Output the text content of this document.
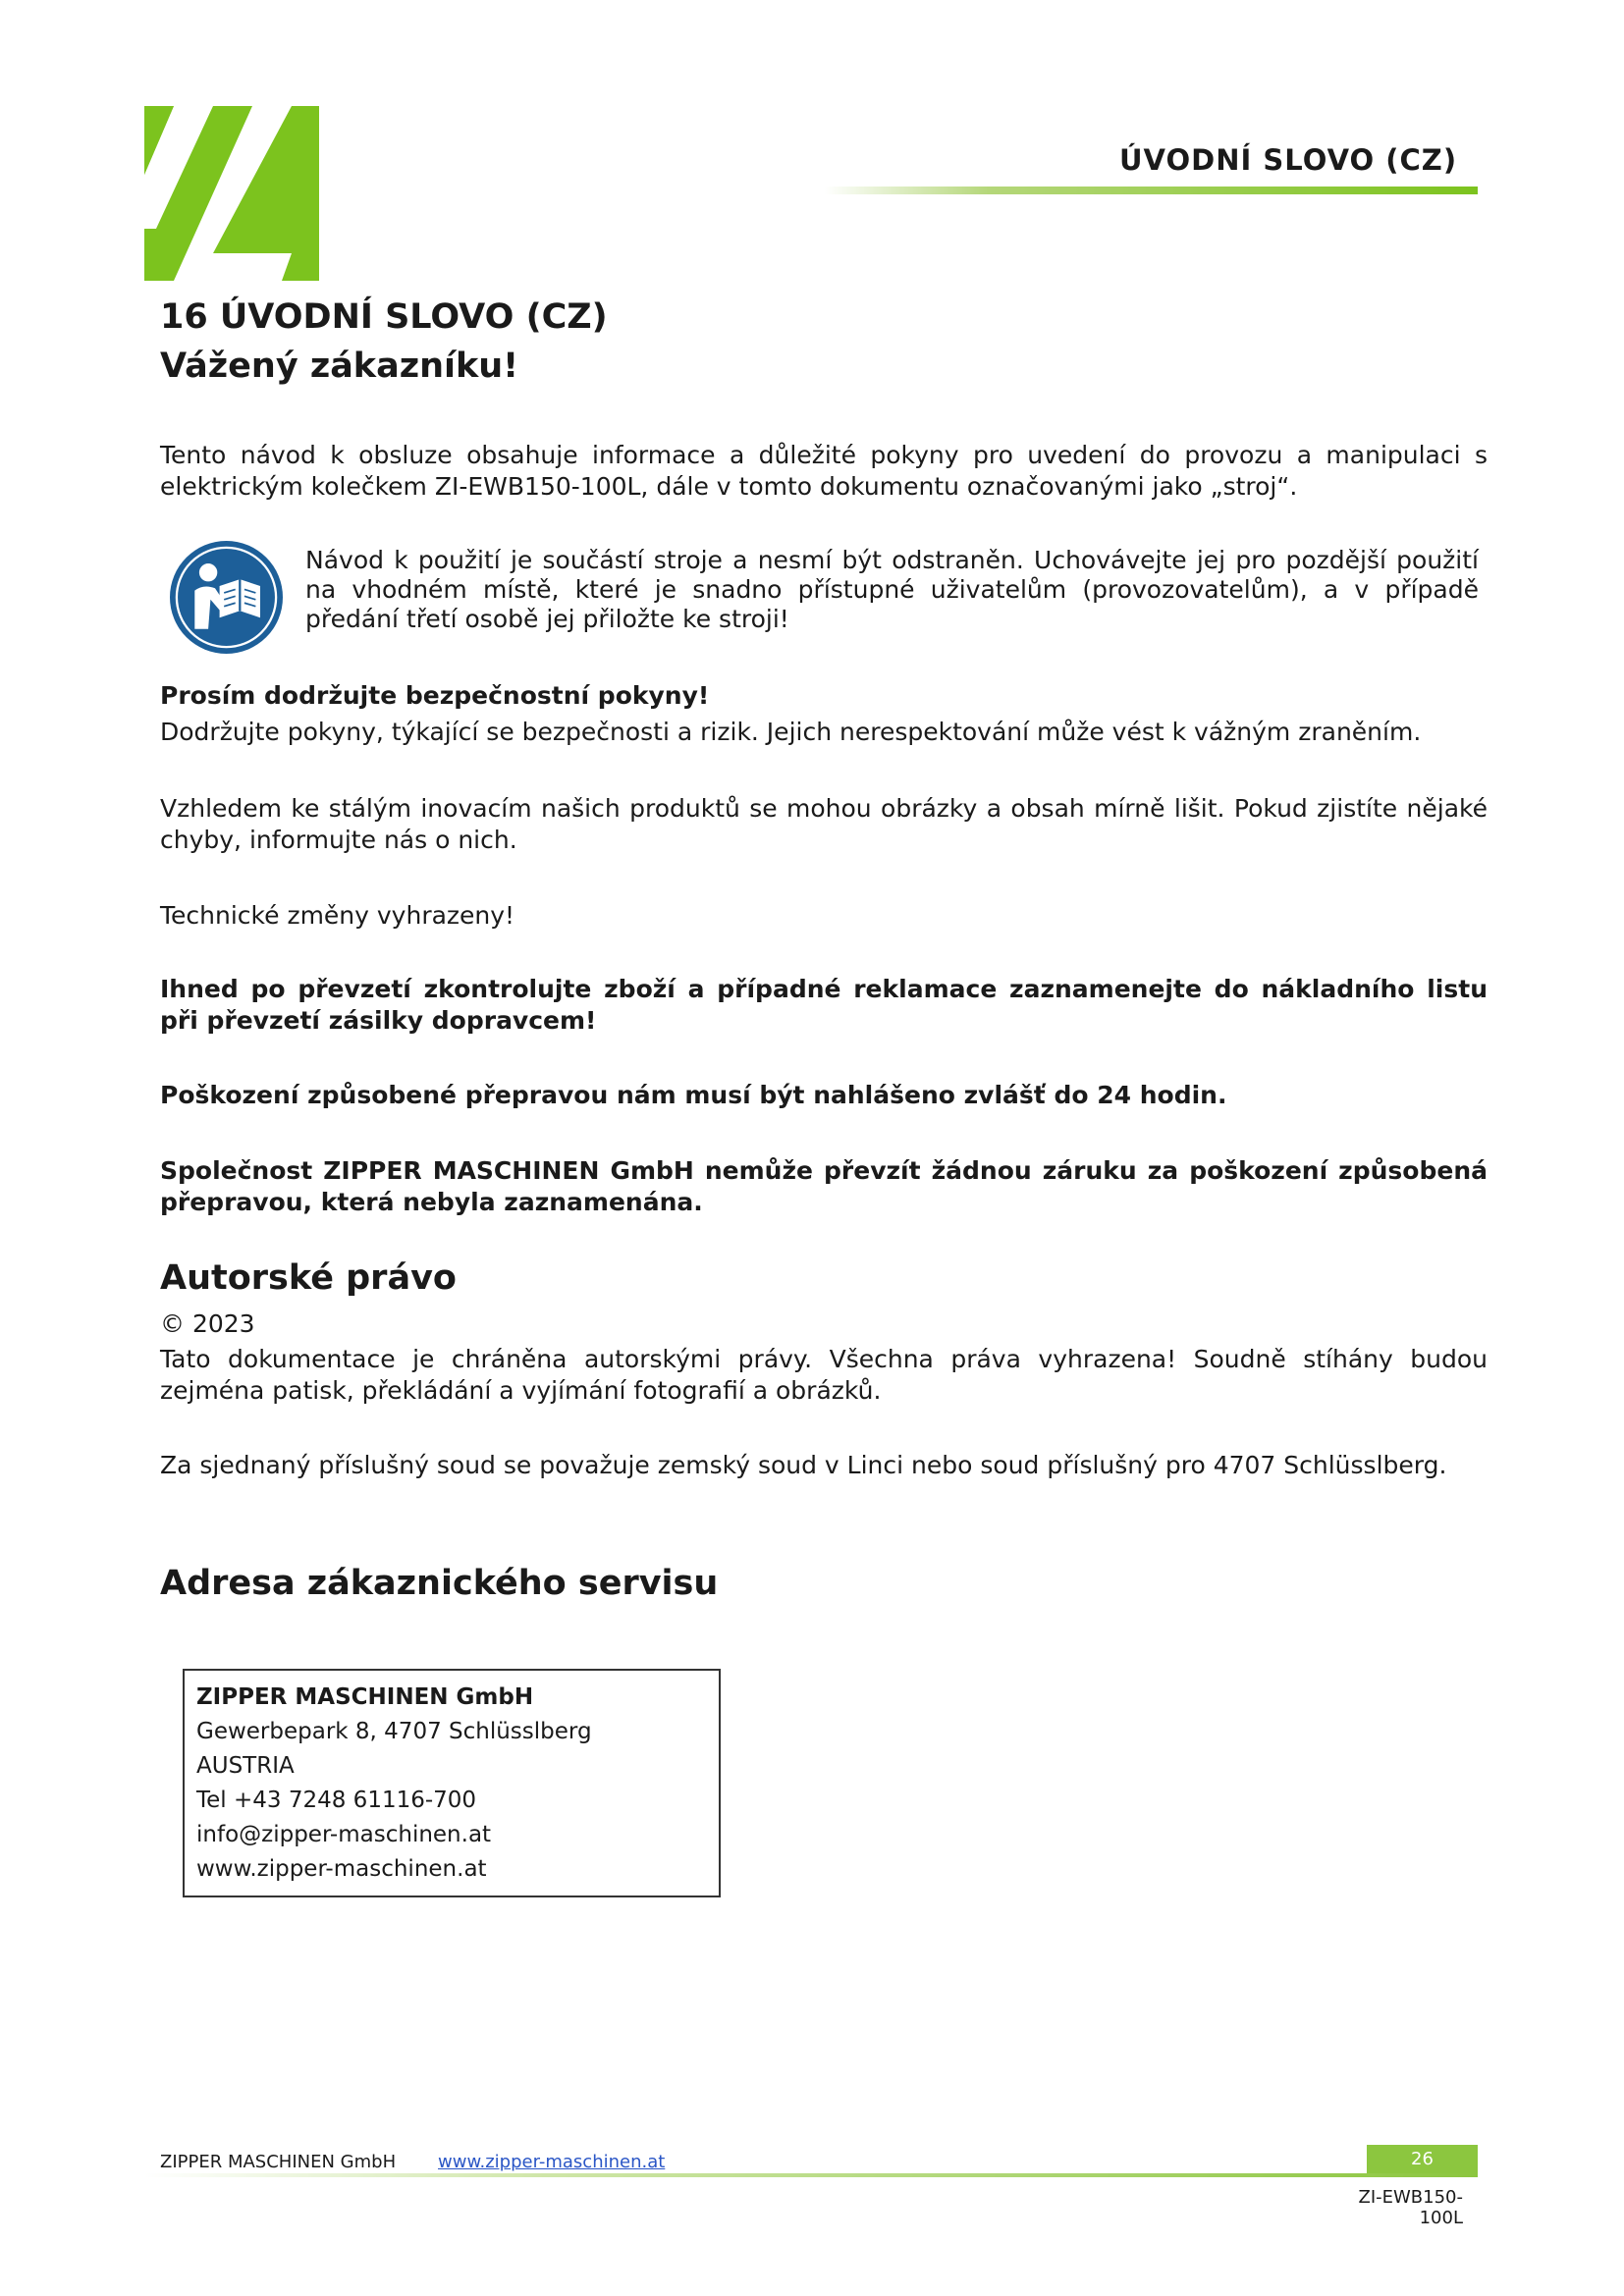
ÚVODNÍ SLOVO (CZ)
16 ÚVODNÍ SLOVO (CZ)
Vážený zákazníku!

Tento návod k obsluze obsahuje informace a důležité pokyny pro uvedení do provozu a manipulaci s elektrickým kolečkem ZI-EWB150-100L, dále v tomto dokumentu označovanými jako „stroj“.

Návod k použití je součástí stroje a nesmí být odstraněn. Uchovávejte jej pro pozdější použití na vhodném místě, které je snadno přístupné uživatelům (provozovatelům), a v případě předání třetí osobě jej přiložte ke stroji!

Prosím dodržujte bezpečnostní pokyny!

Dodržujte pokyny, týkající se bezpečnosti a rizik. Jejich nerespektování může vést k vážným zraněním.

Vzhledem ke stálým inovacím našich produktů se mohou obrázky a obsah mírně lišit. Pokud zjistíte nějaké chyby, informujte nás o nich.

Technické změny vyhrazeny!

Ihned po převzetí zkontrolujte zboží a případné reklamace zaznamenejte do nákladního listu při převzetí zásilky dopravcem!

Poškození způsobené přepravou nám musí být nahlášeno zvlášť do 24 hodin.

Společnost ZIPPER MASCHINEN GmbH nemůže převzít žádnou záruku za poškození způsobená přepravou, která nebyla zaznamenána.

Autorské právo

© 2023

Tato dokumentace je chráněna autorskými právy. Všechna práva vyhrazena! Soudně stíhány budou zejména patisk, překládání a vyjímání fotografií a obrázků.

Za sjednaný příslušný soud se považuje zemský soud v Linci nebo soud příslušný pro 4707 Schlüsslberg.

Adresa zákaznického servisu
ZIPPER MASCHINEN GmbH
Gewerbepark 8, 4707 Schlüsslberg
AUSTRIA
Tel +43 7248 61116-700
info@zipper-maschinen.at
www.zipper-maschinen.at
ZIPPER MASCHINEN GmbH www.zipper-maschinen.at	26
ZI-EWB150-100L
